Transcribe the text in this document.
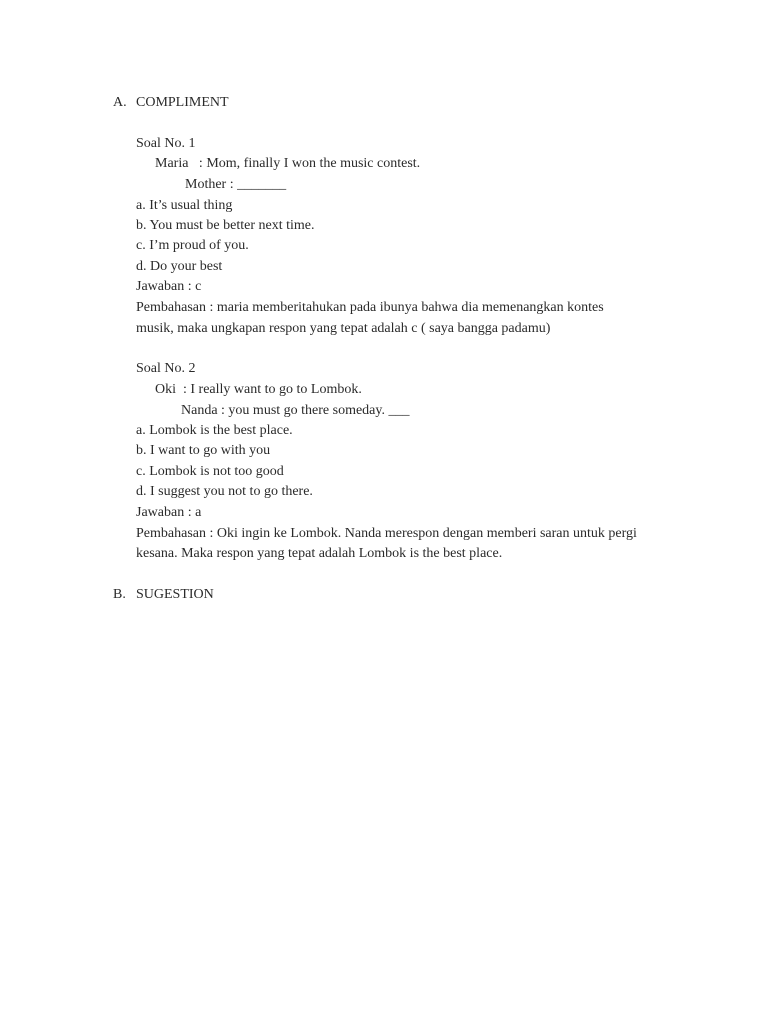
A. COMPLIMENT
Soal No. 1
Maria   : Mom, finally I won the music contest.
Mother : _______
a. It’s usual thing
b. You must be better next time.
c. I’m proud of you.
d. Do your best
Jawaban : c
Pembahasan : maria memberitahukan pada ibunya bahwa dia memenangkan kontes
musik, maka ungkapan respon yang tepat adalah c ( saya bangga padamu)
Soal No. 2
Oki  : I really want to go to Lombok.
Nanda : you must go there someday. ___
a. Lombok is the best place.
b. I want to go with you
c. Lombok is not too good
d. I suggest you not to go there.
Jawaban : a
Pembahasan : Oki ingin ke Lombok. Nanda merespon dengan memberi saran untuk pergi
kesana. Maka respon yang tepat adalah Lombok is the best place.
B. SUGESTION
